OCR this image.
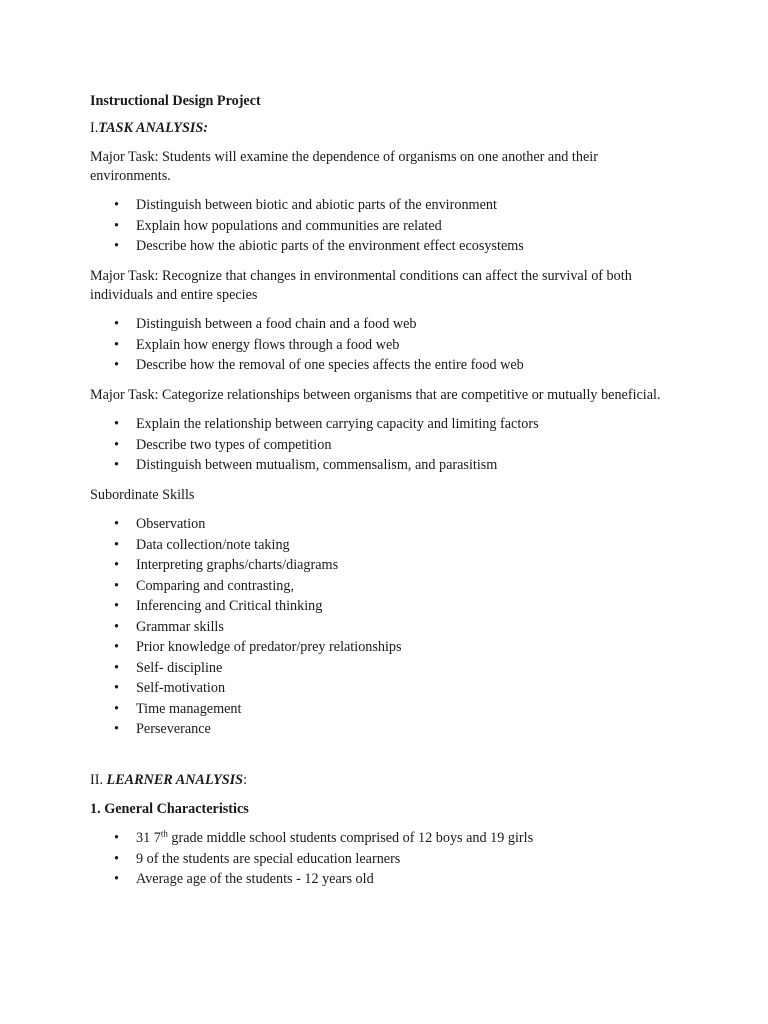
Instructional Design Project

I.TASK ANALYSIS:

Major Task: Students will examine the dependence of organisms on one another and their environments.

• Distinguish between biotic and abiotic parts of the environment
• Explain how populations and communities are related
• Describe how the abiotic parts of the environment effect ecosystems

Major Task: Recognize that changes in environmental conditions can affect the survival of both individuals and entire species

• Distinguish between a food chain and a food web
• Explain how energy flows through a food web
• Describe how the removal of one species affects the entire food web

Major Task: Categorize relationships between organisms that are competitive or mutually beneficial.

• Explain the relationship between carrying capacity and limiting factors
• Describe two types of competition
• Distinguish between mutualism, commensalism, and parasitism

Subordinate Skills

• Observation
• Data collection/note taking
• Interpreting graphs/charts/diagrams
• Comparing and contrasting,
• Inferencing and Critical thinking
• Grammar skills
• Prior knowledge of predator/prey relationships
• Self- discipline
• Self-motivation
• Time management
• Perseverance

II. LEARNER ANALYSIS:

1. General Characteristics

• 31 7th grade middle school students comprised of 12 boys and 19 girls
• 9 of the students are special education learners
• Average age of the students - 12 years old
